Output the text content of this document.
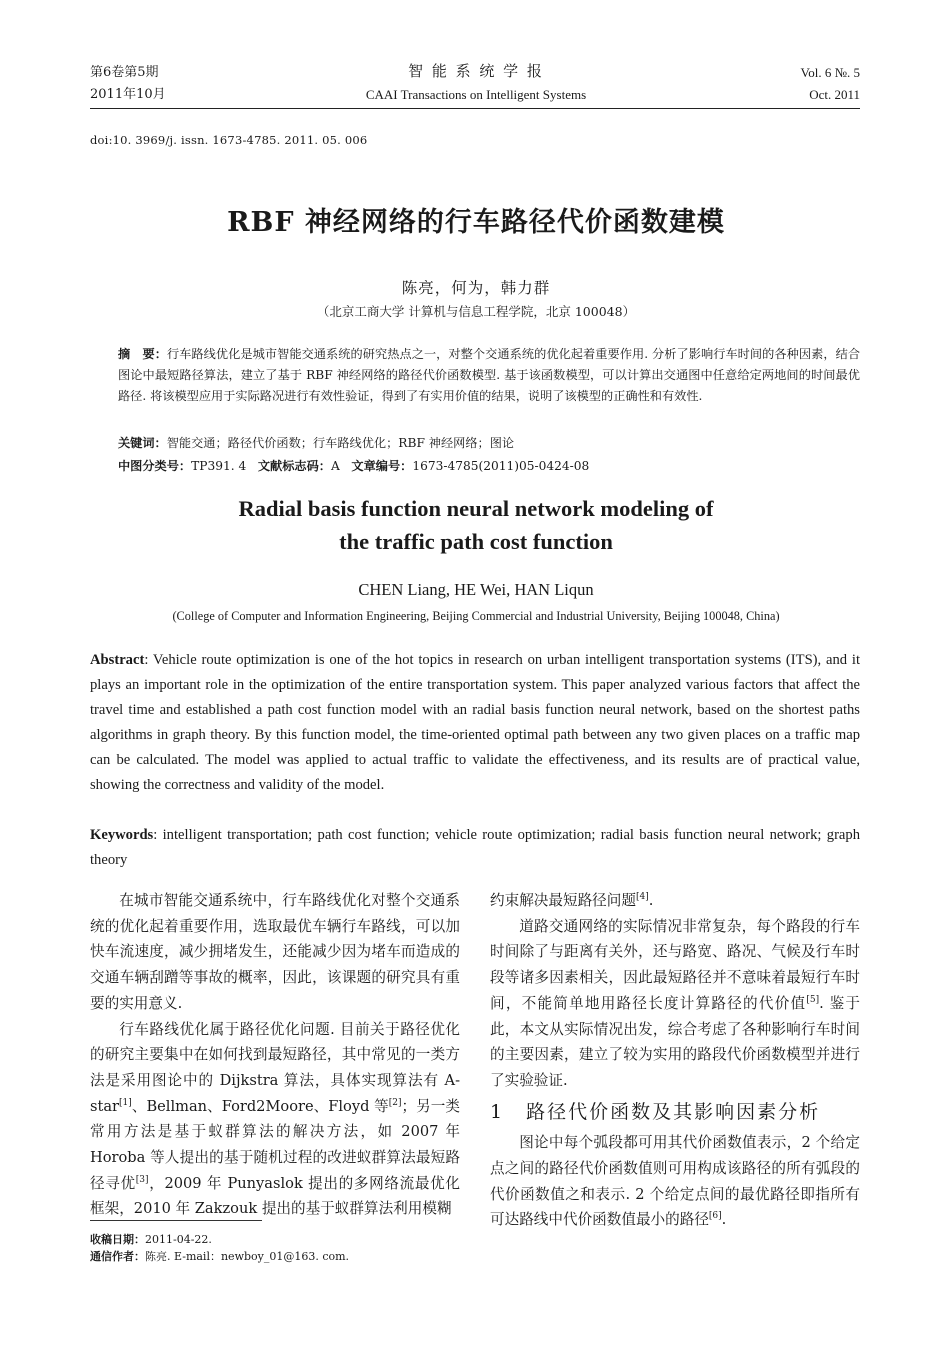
第6卷第5期
2011年10月
智 能 系 统 学 报
CAAI Transactions on Intelligent Systems
Vol. 6 №. 5
Oct. 2011
doi:10. 3969/j. issn. 1673-4785. 2011. 05. 006
RBF 神经网络的行车路径代价函数建模
陈亮，何为，韩力群
（北京工商大学 计算机与信息工程学院，北京 100048）
摘　要：行车路线优化是城市智能交通系统的研究热点之一，对整个交通系统的优化起着重要作用. 分析了影响行车时间的各种因素，结合图论中最短路径算法，建立了基于 RBF 神经网络的路径代价函数模型. 基于该函数模型，可以计算出交通图中任意给定两地间的时间最优路径. 将该模型应用于实际路况进行有效性验证，得到了有实用价值的结果，说明了该模型的正确性和有效性.
关键词：智能交通；路径代价函数；行车路线优化；RBF 神经网络；图论
中图分类号：TP391. 4 文献标志码：A 文章编号：1673-4785(2011)05-0424-08
Radial basis function neural network modeling of
the traffic path cost function
CHEN Liang, HE Wei, HAN Liqun
(College of Computer and Information Engineering, Beijing Commercial and Industrial University, Beijing 100048, China)
Abstract: Vehicle route optimization is one of the hot topics in research on urban intelligent transportation systems (ITS), and it plays an important role in the optimization of the entire transportation system. This paper analyzed various factors that affect the travel time and established a path cost function model with an radial basis function neural network, based on the shortest paths algorithms in graph theory. By this function model, the time-oriented optimal path between any two given places on a traffic map can be calculated. The model was applied to actual traffic to validate the effectiveness, and its results are of practical value, showing the correctness and validity of the model.
Keywords: intelligent transportation; path cost function; vehicle route optimization; radial basis function neural network; graph theory

在城市智能交通系统中，行车路线优化对整个交通系统的优化起着重要作用，选取最优车辆行车路线，可以加快车流速度，减少拥堵发生，还能减少因为堵车而造成的交通车辆刮蹭等事故的概率，因此，该课题的研究具有重要的实用意义.

行车路线优化属于路径优化问题. 目前关于路径优化的研究主要集中在如何找到最短路径，其中常见的一类方法是采用图论中的 Dijkstra 算法，具体实现算法有 A-star[1]、Bellman、Ford2Moore、Floyd 等[2]；另一类常用方法是基于蚁群算法的解决方法，如 2007 年 Horoba 等人提出的基于随机过程的改进蚁群算法最短路径寻优[3]，2009 年 Punyaslok 提出的多网络流最优化框架，2010 年 Zakzouk 提出的基于蚁群算法利用模糊

收稿日期：2011-04-22.
通信作者：陈亮. E-mail：newboy_01@163. com.

约束解决最短路径问题[4].

道路交通网络的实际情况非常复杂，每个路段的行车时间除了与距离有关外，还与路宽、路况、气候及行车时段等诸多因素相关，因此最短路径并不意味着最短行车时间，不能简单地用路径长度计算路径的代价值[5]. 鉴于此，本文从实际情况出发，综合考虑了各种影响行车时间的主要因素，建立了较为实用的路段代价函数模型并进行了实验验证.

1 路径代价函数及其影响因素分析

图论中每个弧段都可用其代价函数值表示，2 个给定点之间的路径代价函数值则可用构成该路径的所有弧段的代价函数值之和表示. 2 个给定点间的最优路径即指所有可达路线中代价函数值最小的路径[6].
